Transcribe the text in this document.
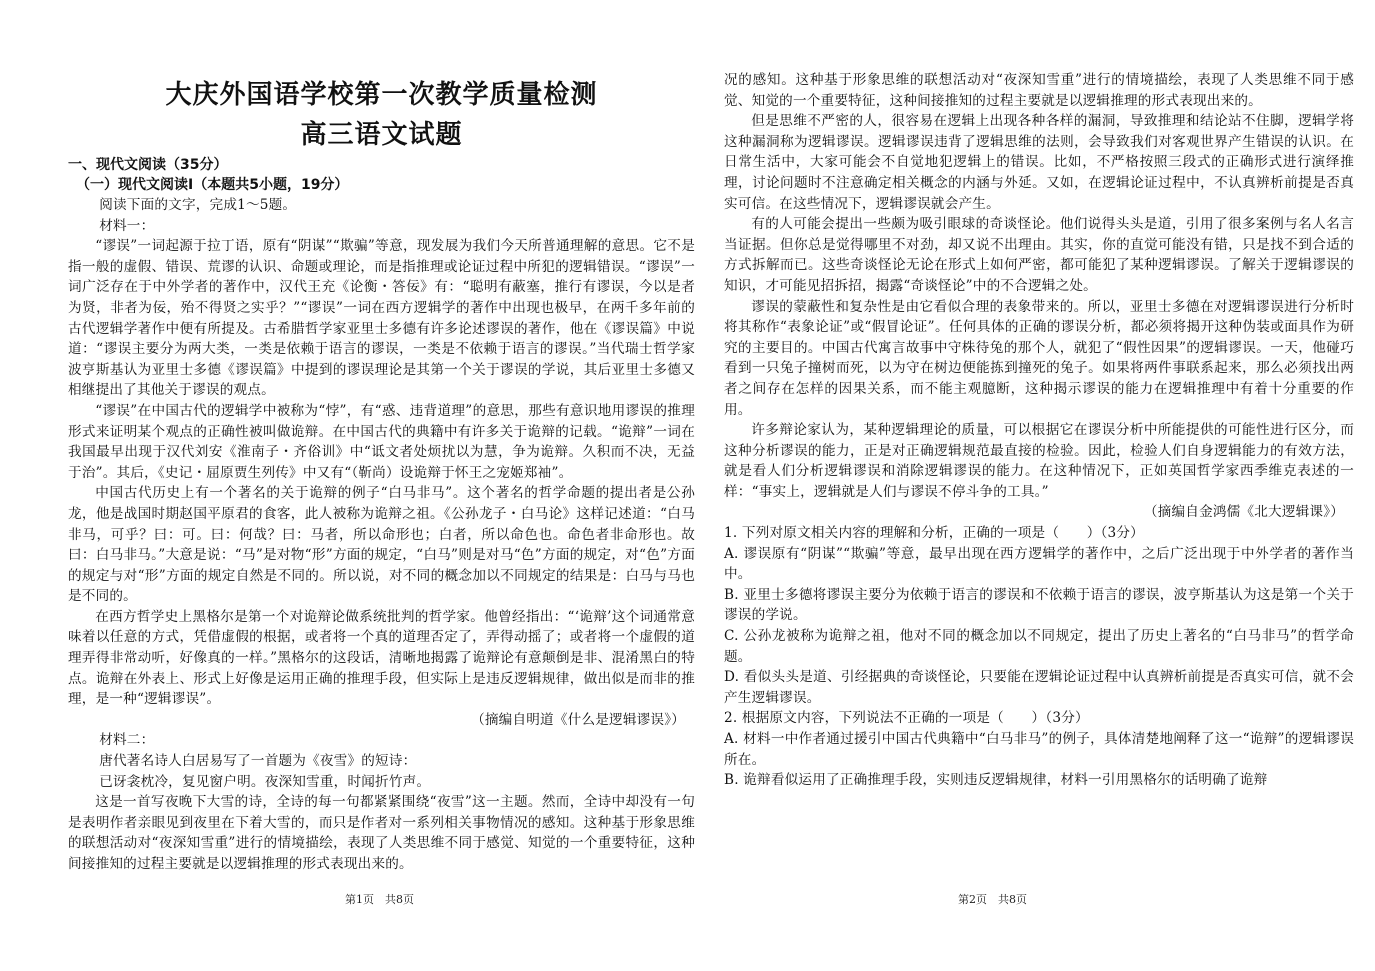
大庆外国语学校第一次教学质量检测
高三语文试题
一、现代文阅读（35分）
（一）现代文阅读Ⅰ（本题共5小题，19分）

阅读下面的文字，完成1～5题。

材料一：

“谬误”一词起源于拉丁语，原有“阴谋”“欺骗”等意，现发展为我们今天所普通理解的意思。它不是指一般的虚假、错误、荒谬的认识、命题或理论，而是指推理或论证过程中所犯的逻辑错误。“谬误”一词广泛存在于中外学者的著作中，汉代王充《论衡・答佞》有：“聪明有蔽塞，推行有谬误，今以是者为贤，非者为佞，殆不得贤之实乎？”“谬误”一词在西方逻辑学的著作中出现也极早，在两千多年前的古代逻辑学著作中便有所提及。古希腊哲学家亚里士多德有许多论述谬误的著作，他在《谬误篇》中说道：“谬误主要分为两大类，一类是依赖于语言的谬误，一类是不依赖于语言的谬误。”当代瑞士哲学家波亨斯基认为亚里士多德《谬误篇》中提到的谬误理论是其第一个关于谬误的学说，其后亚里士多德又相继提出了其他关于谬误的观点。

“谬误”在中国古代的逻辑学中被称为“悖”，有“惑、违背道理”的意思，那些有意识地用谬误的推理形式来证明某个观点的正确性被叫做诡辩。在中国古代的典籍中有许多关于诡辩的记载。“诡辩”一词在我国最早出现于汉代刘安《淮南子・齐俗训》中“诋文者处烦扰以为慧，争为诡辩。久积而不决，无益于治”。其后，《史记・屈原贾生列传》中又有“（靳尚）设诡辩于怀王之宠姬郑袖”。

中国古代历史上有一个著名的关于诡辩的例子“白马非马”。这个著名的哲学命题的提出者是公孙龙，他是战国时期赵国平原君的食客，此人被称为诡辩之祖。《公孙龙子・白马论》这样记述道：“白马非马，可乎？曰：可。曰：何哉？曰：马者，所以命形也；白者，所以命色也。命色者非命形也。故曰：白马非马。”大意是说：“马”是对物“形”方面的规定，“白马”则是对马“色”方面的规定，对“色”方面的规定与对“形”方面的规定自然是不同的。所以说，对不同的概念加以不同规定的结果是：白马与马也是不同的。

在西方哲学史上黑格尔是第一个对诡辩论做系统批判的哲学家。他曾经指出：“‘诡辩’这个词通常意味着以任意的方式，凭借虚假的根据，或者将一个真的道理否定了，弄得动摇了；或者将一个虚假的道理弄得非常动听，好像真的一样。”黑格尔的这段话，清晰地揭露了诡辩论有意颠倒是非、混淆黑白的特点。诡辩在外表上、形式上好像是运用正确的推理手段，但实际上是违反逻辑规律，做出似是而非的推理，是一种“逻辑谬误”。

（摘编自明道《什么是逻辑谬误》）

材料二：

唐代著名诗人白居易写了一首题为《夜雪》的短诗：

已讶衾枕冷，复见窗户明。夜深知雪重，时闻折竹声。

这是一首写夜晚下大雪的诗，全诗的每一句都紧紧围绕“夜雪”这一主题。然而，全诗中却没有一句是表明作者亲眼见到夜里在下着大雪的，而只是作者对一系列相关事物情况的感知。这种基于形象思维的联想活动对“夜深知雪重”进行的情境描绘，表现了人类思维不同于感觉、知觉的一个重要特征，这种间接推知的过程主要就是以逻辑推理的形式表现出来的。

况的感知。这种基于形象思维的联想活动对“夜深知雪重”进行的情境描绘，表现了人类思维不同于感觉、知觉的一个重要特征，这种间接推知的过程主要就是以逻辑推理的形式表现出来的。

但是思维不严密的人，很容易在逻辑上出现各种各样的漏洞，导致推理和结论站不住脚，逻辑学将这种漏洞称为逻辑谬误。逻辑谬误违背了逻辑思维的法则，会导致我们对客观世界产生错误的认识。在日常生活中，大家可能会不自觉地犯逻辑上的错误。比如，不严格按照三段式的正确形式进行演绎推理，讨论问题时不注意确定相关概念的内涵与外延。又如，在逻辑论证过程中，不认真辨析前提是否真实可信。在这些情况下，逻辑谬误就会产生。

有的人可能会提出一些颇为吸引眼球的奇谈怪论。他们说得头头是道，引用了很多案例与名人名言当证据。但你总是觉得哪里不对劲，却又说不出理由。其实，你的直觉可能没有错，只是找不到合适的方式拆解而已。这些奇谈怪论无论在形式上如何严密，都可能犯了某种逻辑谬误。了解关于逻辑谬误的知识，才可能见招拆招，揭露“奇谈怪论”中的不合逻辑之处。

谬误的蒙蔽性和复杂性是由它看似合理的表象带来的。所以，亚里士多德在对逻辑谬误进行分析时将其称作“表象论证”或“假冒论证”。任何具体的正确的谬误分析，都必须将揭开这种伪装或面具作为研究的主要目的。中国古代寓言故事中守株待兔的那个人，就犯了“假性因果”的逻辑谬误。一天，他碰巧看到一只兔子撞树而死，以为守在树边便能拣到撞死的兔子。如果将两件事联系起来，那么必须找出两者之间存在怎样的因果关系，而不能主观臆断，这种揭示谬误的能力在逻辑推理中有着十分重要的作用。

许多辩论家认为，某种逻辑理论的质量，可以根据它在谬误分析中所能提供的可能性进行区分，而这种分析谬误的能力，正是对正确逻辑规范最直接的检验。因此，检验人们自身逻辑能力的有效方法，就是看人们分析逻辑谬误和消除逻辑谬误的能力。在这种情况下，正如英国哲学家西季维克表述的一样：“事实上，逻辑就是人们与谬误不停斗争的工具。”

（摘编自金鸿儒《北大逻辑课》）

1. 下列对原文相关内容的理解和分析，正确的一项是（　　）（3分）

A. 谬误原有“阴谋”“欺骗”等意，最早出现在西方逻辑学的著作中，之后广泛出现于中外学者的著作当中。

B. 亚里士多德将谬误主要分为依赖于语言的谬误和不依赖于语言的谬误，波亨斯基认为这是第一个关于谬误的学说。

C. 公孙龙被称为诡辩之祖，他对不同的概念加以不同规定，提出了历史上著名的“白马非马”的哲学命题。

D. 看似头头是道、引经据典的奇谈怪论，只要能在逻辑论证过程中认真辨析前提是否真实可信，就不会产生逻辑谬误。

2. 根据原文内容，下列说法不正确的一项是（　　）（3分）

A. 材料一中作者通过援引中国古代典籍中“白马非马”的例子，具体清楚地阐释了这一“诡辩”的逻辑谬误所在。

B. 诡辩看似运用了正确推理手段，实则违反逻辑规律，材料一引用黑格尔的话明确了诡辩

第1页　共8页	第2页　共8页
